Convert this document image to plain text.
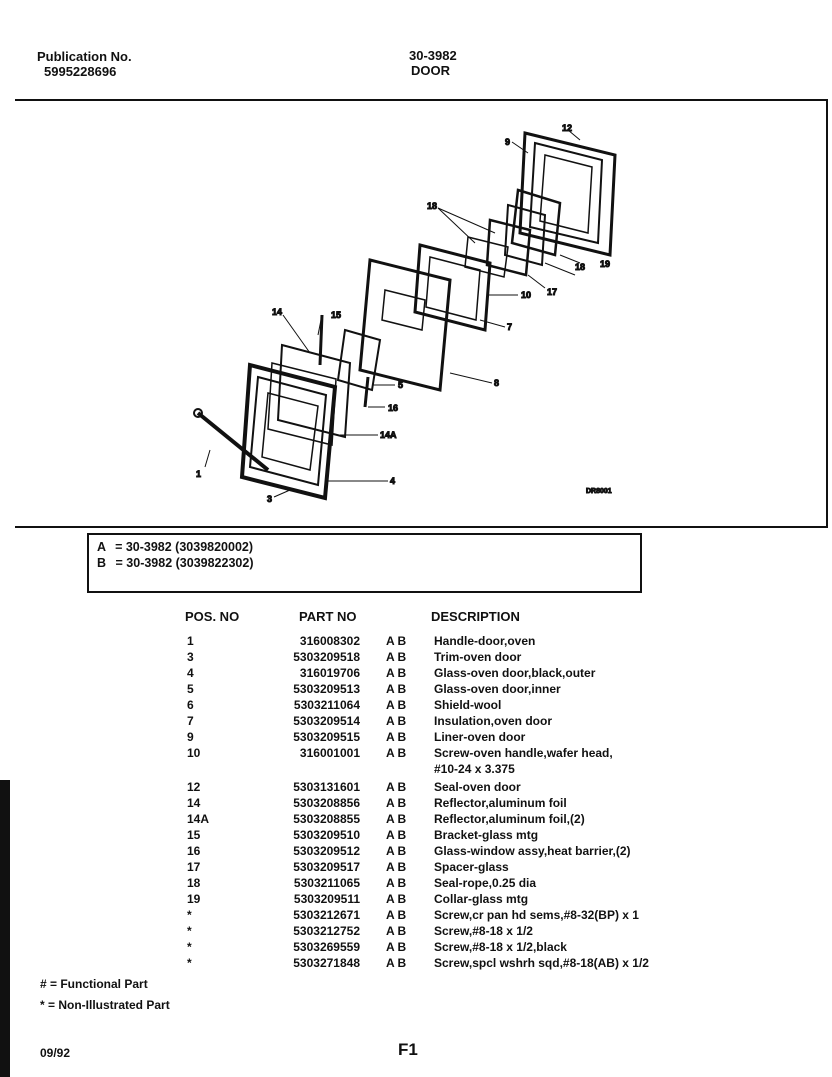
Publication No.
5995228696
30-3982
DOOR
12
9
18
18 19
17
10
7
8
14	15
5
16
14A
4
1
3
DR8001
A = 30-3982 (3039820002)
B = 30-3982 (3039822302)
POS. NO	PART NO	DESCRIPTION
1	316008302 A B Handle-door,oven
3	5303209518 A B Trim-oven door
4	316019706 A B Glass-oven door,black,outer
5	5303209513 A B Glass-oven door,inner
6	5303211064 A B Shield-wool
7	5303209514 A B Insulation,oven door
9	5303209515 A B Liner-oven door
10	316001001 A B Screw-oven handle,wafer head,
#10-24 x 3.375
12	5303131601 A B Seal-oven door
14	5303208856 A B Reflector,aluminum foil
14A	5303208855 A B Reflector,aluminum foil,(2)
15	5303209510 A B Bracket-glass mtg
16	5303209512 A B Glass-window assy,heat barrier,(2)
17	5303209517 A B Spacer-glass
18	5303211065 A B Seal-rope,0.25 dia
19	5303209511 A B Collar-glass mtg
*	5303212671 A B Screw,cr pan hd sems,#8-32(BP) x 1
*	5303212752 A B Screw,#8-18 x 1/2
*	5303269559 A B Screw,#8-18 x 1/2,black
*	5303271848 A B Screw,spcl wshrh sqd,#8-18(AB) x 1/2
# = Functional Part
* = Non-Illustrated Part
09/92	F1
